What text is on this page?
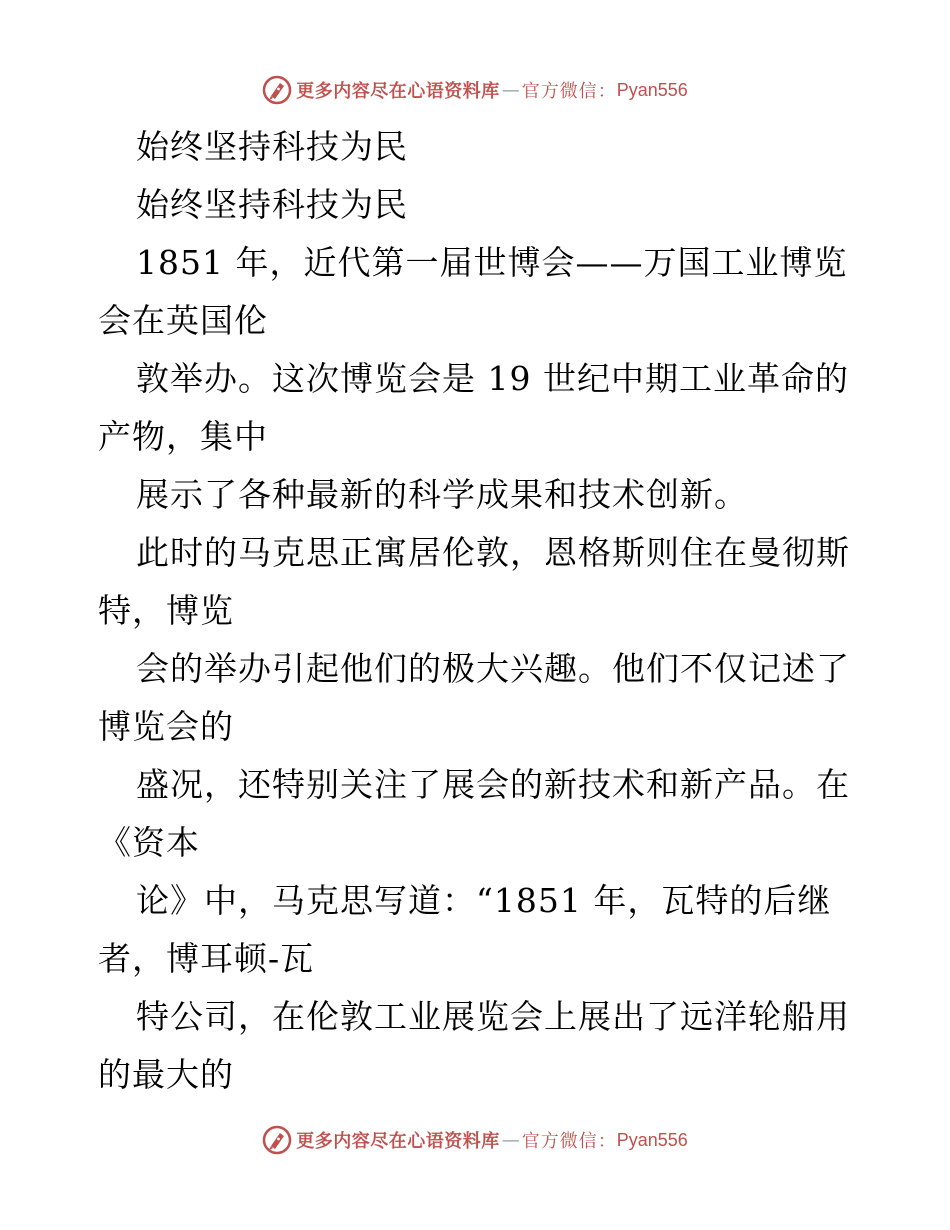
更多内容尽在心语资料库 — 官方微信： Pyan556
始终坚持科技为民
始终坚持科技为民
1851 年，近代第一届世博会——万国工业博览
会在英国伦
敦举办。这次博览会是 19 世纪中期工业革命的
产物，集中
展示了各种最新的科学成果和技术创新。
此时的马克思正寓居伦敦，恩格斯则住在曼彻斯
特，博览
会的举办引起他们的极大兴趣。他们不仅记述了
博览会的
盛况，还特别关注了展会的新技术和新产品。在
《资本
论》中，马克思写道：“1851 年，瓦特的后继
者，博耳顿-瓦
特公司，在伦敦工业展览会上展出了远洋轮船用
的最大的
更多内容尽在心语资料库 — 官方微信： Pyan556
